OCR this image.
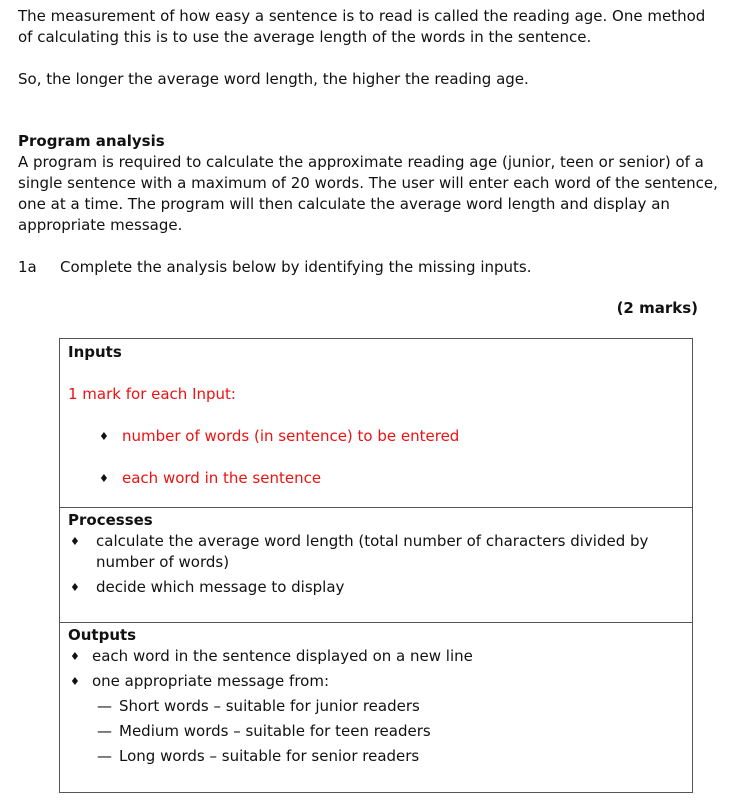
The measurement of how easy a sentence is to read is called the reading age. One method of calculating this is to use the average length of the words in the sentence.

So, the longer the average word length, the higher the reading age.

Program analysis

A program is required to calculate the approximate reading age (junior, teen or senior) of a single sentence with a maximum of 20 words. The user will enter each word of the sentence, one at a time. The program will then calculate the average word length and display an appropriate message.

1a Complete the analysis below by identifying the missing inputs.
(2 marks)
Inputs
1 mark for each Input:
♦ number of words (in sentence) to be entered
♦ each word in the sentence
Processes
♦ calculate the average word length (total number of characters divided by number of words)
♦ decide which message to display
Outputs
♦ each word in the sentence displayed on a new line
♦ one appropriate message from:
— Short words – suitable for junior readers
— Medium words – suitable for teen readers
— Long words – suitable for senior readers
